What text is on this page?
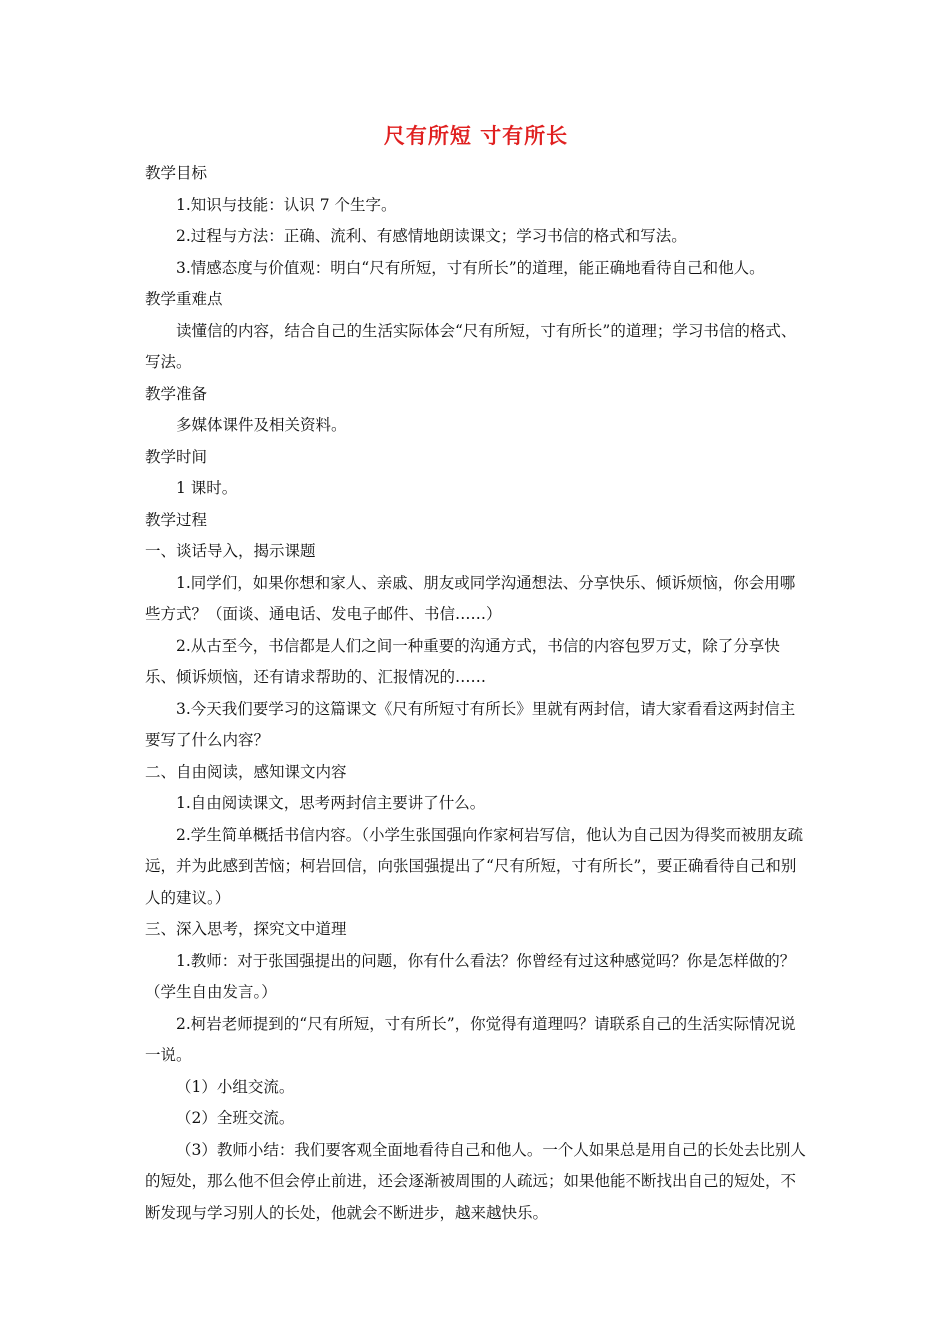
尺有所短 寸有所长

教学目标

1.知识与技能：认识 7 个生字。

2.过程与方法：正确、流利、有感情地朗读课文；学习书信的格式和写法。

3.情感态度与价值观：明白“尺有所短，寸有所长”的道理，能正确地看待自己和他人。

教学重难点

读懂信的内容，结合自己的生活实际体会“尺有所短，寸有所长”的道理；学习书信的格式、写法。

教学准备

多媒体课件及相关资料。

教学时间

1 课时。

教学过程

一、谈话导入，揭示课题

1.同学们，如果你想和家人、亲戚、朋友或同学沟通想法、分享快乐、倾诉烦恼，你会用哪些方式？（面谈、通电话、发电子邮件、书信……）

2.从古至今，书信都是人们之间一种重要的沟通方式，书信的内容包罗万丈，除了分享快乐、倾诉烦恼，还有请求帮助的、汇报情况的……

3.今天我们要学习的这篇课文《尺有所短寸有所长》里就有两封信，请大家看看这两封信主要写了什么内容？

二、自由阅读，感知课文内容

1.自由阅读课文，思考两封信主要讲了什么。

2.学生简单概括书信内容。（小学生张国强向作家柯岩写信，他认为自己因为得奖而被朋友疏远，并为此感到苦恼；柯岩回信，向张国强提出了“尺有所短，寸有所长”，要正确看待自己和别人的建议。）

三、深入思考，探究文中道理

1.教师：对于张国强提出的问题，你有什么看法？你曾经有过这种感觉吗？你是怎样做的？（学生自由发言。）

2.柯岩老师提到的“尺有所短，寸有所长”，你觉得有道理吗？请联系自己的生活实际情况说一说。

（1）小组交流。

（2）全班交流。

（3）教师小结：我们要客观全面地看待自己和他人。一个人如果总是用自己的长处去比别人的短处，那么他不但会停止前进，还会逐渐被周围的人疏远；如果他能不断找出自己的短处，不断发现与学习别人的长处，他就会不断进步，越来越快乐。
